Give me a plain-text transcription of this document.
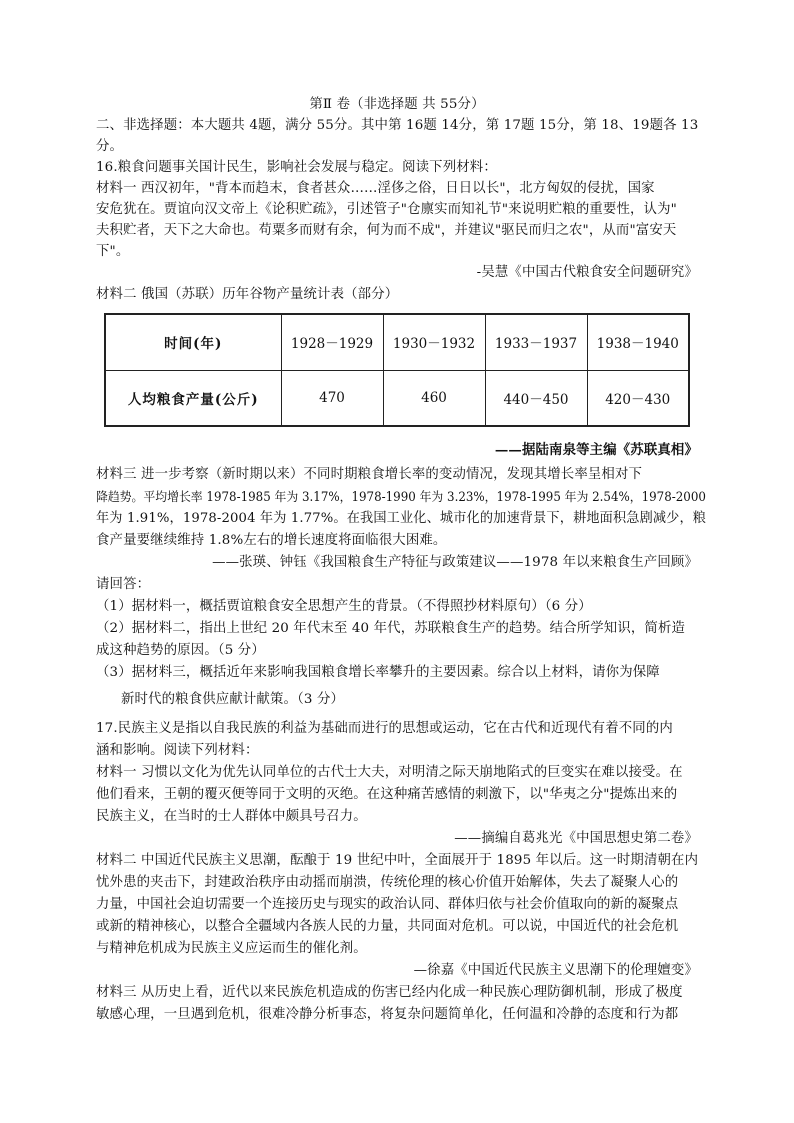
第Ⅱ 卷（非选择题 共 55分）
二、非选择题：本大题共 4题，满分 55分。其中第 16题 14分，第 17题 15分，第 18、19题各 13
分。
16.粮食问题事关国计民生，影响社会发展与稳定。阅读下列材料：
材料一 西汉初年，"背本而趋末，食者甚众……淫侈之俗，日日以长"，北方匈奴的侵扰，国家
安危犹在。贾谊向汉文帝上《论积贮疏》，引述管子"仓廪实而知礼节"来说明贮粮的重要性，认为"
夫积贮者，天下之大命也。苟粟多而财有余，何为而不成"，并建议"驱民而归之农"，从而"富安天
下"。
-吴慧《中国古代粮食安全问题研究》
材料二 俄国（苏联）历年谷物产量统计表（部分）
时间(年)	1928－1929	1930－1932	1933－1937	1938－1940
人均粮食产量(公斤)	470	460	440－450	420－430
——据陆南泉等主编《苏联真相》
材料三 进一步考察（新时期以来）不同时期粮食增长率的变动情况，发现其增长率呈相对下
降趋势。平均增长率 1978-1985 年为 3.17%，1978-1990 年为 3.23%，1978-1995 年为 2.54%，1978-2000
年为 1.91%，1978-2004 年为 1.77%。在我国工业化、城市化的加速背景下，耕地面积急剧减少，粮
食产量要继续维持 1.8%左右的增长速度将面临很大困难。
——张瑛、钟钰《我国粮食生产特征与政策建议——1978 年以来粮食生产回顾》
请回答：
（1）据材料一，概括贾谊粮食安全思想产生的背景。（不得照抄材料原句）（6 分）
（2）据材料二，指出上世纪 20 年代末至 40 年代，苏联粮食生产的趋势。结合所学知识，简析造
成这种趋势的原因。（5 分）
（3）据材料三，概括近年来影响我国粮食增长率攀升的主要因素。综合以上材料，请你为保障
新时代的粮食供应献计献策。（3 分）
17.民族主义是指以自我民族的利益为基础而进行的思想或运动，它在古代和近现代有着不同的内
涵和影响。阅读下列材料：
材料一 习惯以文化为优先认同单位的古代士大夫，对明清之际天崩地陷式的巨变实在难以接受。在
他们看来，王朝的覆灭便等同于文明的灭绝。在这种痛苦感情的刺激下，以"华夷之分"提炼出来的
民族主义，在当时的士人群体中颇具号召力。
——摘编自葛兆光《中国思想史第二卷》
材料二 中国近代民族主义思潮，酝酿于 19 世纪中叶，全面展开于 1895 年以后。这一时期清朝在内
忧外患的夹击下，封建政治秩序由动摇而崩溃，传统伦理的核心价值开始解体，失去了凝聚人心的
力量，中国社会迫切需要一个连接历史与现实的政治认同、群体归依与社会价值取向的新的凝聚点
或新的精神核心，以整合全疆域内各族人民的力量，共同面对危机。可以说，中国近代的社会危机
与精神危机成为民族主义应运而生的催化剂。
—徐嘉《中国近代民族主义思潮下的伦理嬗变》
材料三 从历史上看，近代以来民族危机造成的伤害已经内化成一种民族心理防御机制，形成了极度
敏感心理，一旦遇到危机，很难冷静分析事态，将复杂问题简单化，任何温和冷静的态度和行为都
